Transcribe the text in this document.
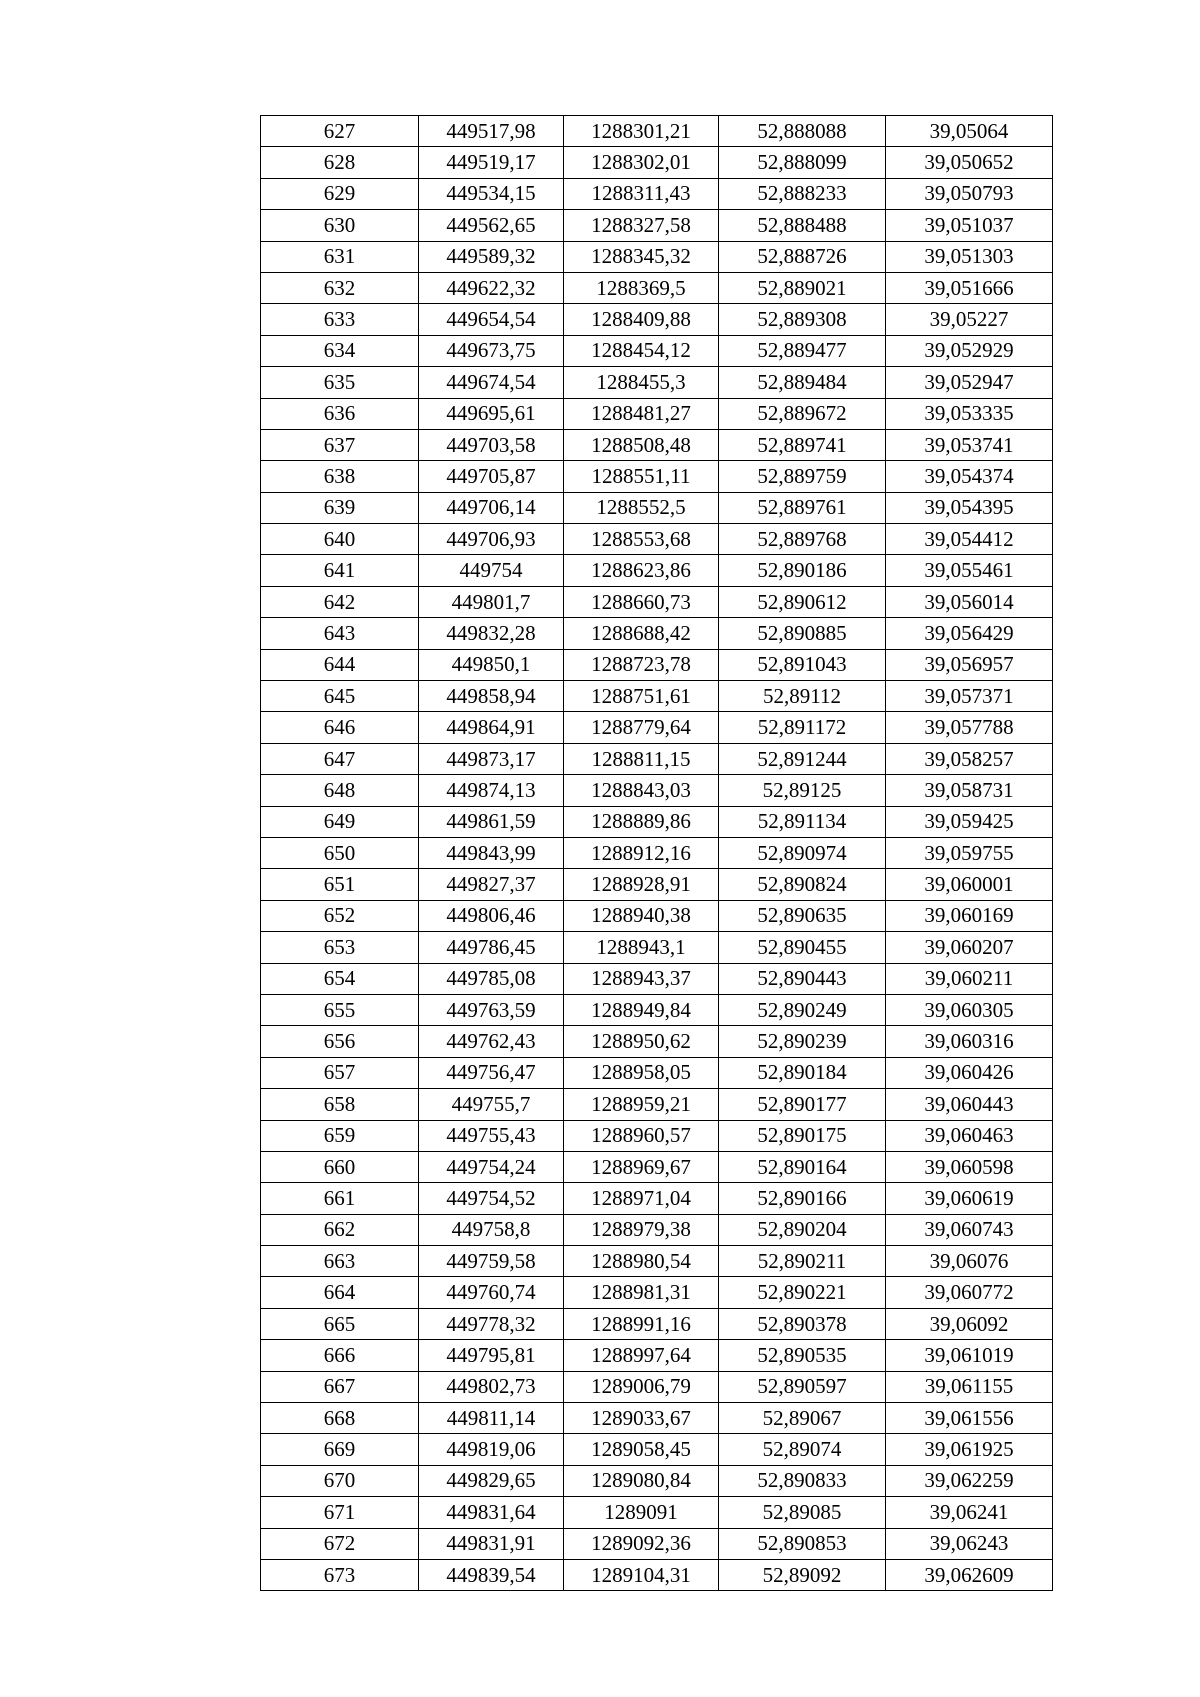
627	449517,98	1288301,21	52,888088	39,05064
628	449519,17	1288302,01	52,888099	39,050652
629	449534,15	1288311,43	52,888233	39,050793
630	449562,65	1288327,58	52,888488	39,051037
631	449589,32	1288345,32	52,888726	39,051303
632	449622,32	1288369,5	52,889021	39,051666
633	449654,54	1288409,88	52,889308	39,05227
634	449673,75	1288454,12	52,889477	39,052929
635	449674,54	1288455,3	52,889484	39,052947
636	449695,61	1288481,27	52,889672	39,053335
637	449703,58	1288508,48	52,889741	39,053741
638	449705,87	1288551,11	52,889759	39,054374
639	449706,14	1288552,5	52,889761	39,054395
640	449706,93	1288553,68	52,889768	39,054412
641	449754	1288623,86	52,890186	39,055461
642	449801,7	1288660,73	52,890612	39,056014
643	449832,28	1288688,42	52,890885	39,056429
644	449850,1	1288723,78	52,891043	39,056957
645	449858,94	1288751,61	52,89112	39,057371
646	449864,91	1288779,64	52,891172	39,057788
647	449873,17	1288811,15	52,891244	39,058257
648	449874,13	1288843,03	52,89125	39,058731
649	449861,59	1288889,86	52,891134	39,059425
650	449843,99	1288912,16	52,890974	39,059755
651	449827,37	1288928,91	52,890824	39,060001
652	449806,46	1288940,38	52,890635	39,060169
653	449786,45	1288943,1	52,890455	39,060207
654	449785,08	1288943,37	52,890443	39,060211
655	449763,59	1288949,84	52,890249	39,060305
656	449762,43	1288950,62	52,890239	39,060316
657	449756,47	1288958,05	52,890184	39,060426
658	449755,7	1288959,21	52,890177	39,060443
659	449755,43	1288960,57	52,890175	39,060463
660	449754,24	1288969,67	52,890164	39,060598
661	449754,52	1288971,04	52,890166	39,060619
662	449758,8	1288979,38	52,890204	39,060743
663	449759,58	1288980,54	52,890211	39,06076
664	449760,74	1288981,31	52,890221	39,060772
665	449778,32	1288991,16	52,890378	39,06092
666	449795,81	1288997,64	52,890535	39,061019
667	449802,73	1289006,79	52,890597	39,061155
668	449811,14	1289033,67	52,89067	39,061556
669	449819,06	1289058,45	52,89074	39,061925
670	449829,65	1289080,84	52,890833	39,062259
671	449831,64	1289091	52,89085	39,06241
672	449831,91	1289092,36	52,890853	39,06243
673	449839,54	1289104,31	52,89092	39,062609
